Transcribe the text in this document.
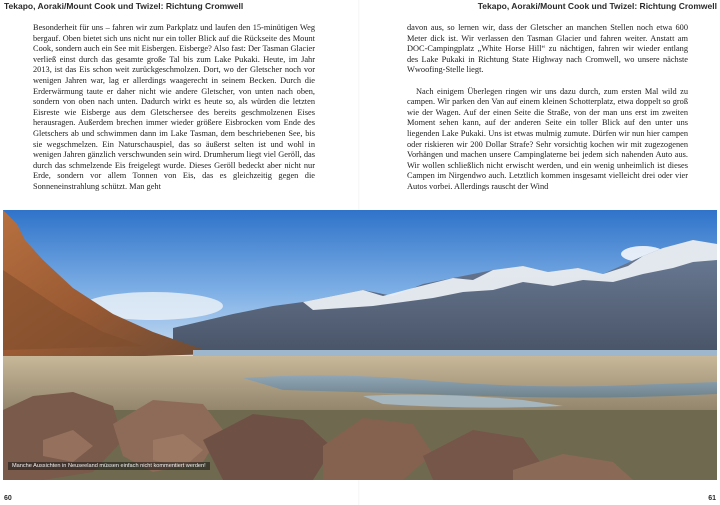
Tekapo, Aoraki/Mount Cook und Twizel: Richtung Cromwell	Tekapo, Aoraki/Mount Cook und Twizel: Richtung Cromwell

Besonderheit für uns – fahren wir zum Parkplatz und laufen den 15-minütigen Weg bergauf. Oben bietet sich uns nicht nur ein toller Blick auf die Rückseite des Mount Cook, sondern auch ein See mit Eisbergen. Eisberge? Also fast: Der Tasman Glacier verließ einst durch das gesamte große Tal bis zum Lake Pukaki. Heute, im Jahr 2013, ist das Eis schon weit zurückgeschmolzen. Dort, wo der Gletscher noch vor wenigen Jahren war, lag er allerdings waagerecht in seinem Becken. Durch die Erderwärmung taute er daher nicht wie andere Gletscher, von unten nach oben, sondern von oben nach unten. Dadurch wirkt es heute so, als würden die letzten Eisreste wie Eisberge aus dem Gletschersee des bereits geschmolzenen Eises herausragen. Außerdem brechen immer wieder größere Eisbrocken vom Ende des Gletschers ab und schwimmen dann im Lake Tasman, dem beschriebenen See, bis sie wegschmelzen. Ein Naturschauspiel, das so äußerst selten ist und wohl in wenigen Jahren gänzlich verschwunden sein wird. Drumherum liegt viel Geröll, das durch das schmelzende Eis freigelegt wurde. Dieses Geröll bedeckt aber nicht nur Erde, sondern vor allem Tonnen von Eis, das es gleichzeitig gegen die Sonneneinstrahlung schützt. Man geht

davon aus, so lernen wir, dass der Gletscher an manchen Stellen noch etwa 600 Meter dick ist. Wir verlassen den Tasman Glacier und fahren weiter. Anstatt am DOC-Campingplatz „White Horse Hill“ zu nächtigen, fahren wir wieder entlang des Lake Pukaki in Richtung State Highway nach Cromwell, wo unsere nächste Wwoofing-Stelle liegt.

Nach einigem Überlegen ringen wir uns dazu durch, zum ersten Mal wild zu campen. Wir parken den Van auf einem kleinen Schotterplatz, etwa doppelt so groß wie der Wagen. Auf der einen Seite die Straße, von der man uns erst im zweiten Moment sehen kann, auf der anderen Seite ein toller Blick auf den unter uns liegenden Lake Pukaki. Uns ist etwas mulmig zumute. Dürfen wir nun hier campen oder riskieren wir 200 Dollar Strafe? Sehr vorsichtig kochen wir mit zugezogenen Vorhängen und machen unsere Campinglaterne bei jedem sich nahenden Auto aus. Wir wollen schließlich nicht erwischt werden, und ein wenig unheimlich ist dieses Campen im Nirgendwo auch. Letztlich kommen insgesamt vielleicht drei oder vier Autos vorbei. Allerdings rauscht der Wind

Manche Aussichten in Neuseeland müssen einfach nicht kommentiert werden!
60	61
